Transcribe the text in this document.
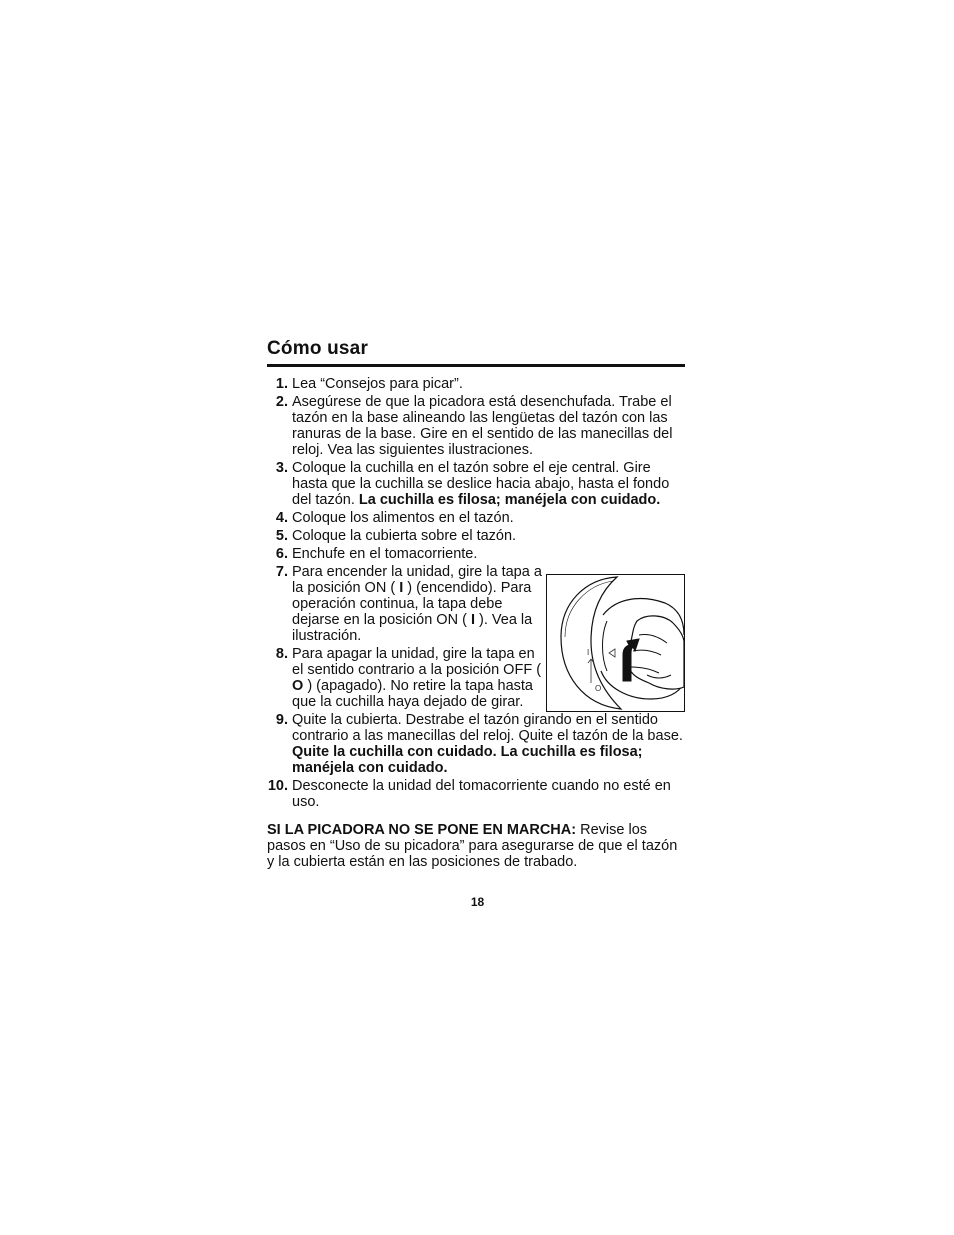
Cómo usar
1. Lea “Consejos para picar”.
2. Asegúrese de que la picadora está desenchufada. Trabe el tazón en la base alineando las lengüetas del tazón con las ranuras de la base. Gire en el sentido de las manecillas del reloj. Vea las siguientes ilustraciones.
3. Coloque la cuchilla en el tazón sobre el eje central. Gire hasta que la cuchilla se deslice hacia abajo, hasta el fondo del tazón. La cuchilla es filosa; manéjela con cuidado.
4. Coloque los alimentos en el tazón.
5. Coloque la cubierta sobre el tazón.
6. Enchufe en el tomacorriente.
7. Para encender la unidad, gire la tapa a la posición ON ( I ) (encendido). Para operación continua, la tapa debe dejarse en la posición ON ( I ). Vea la ilustración.
8. Para apagar la unidad, gire la tapa en el sentido contrario a la posición OFF ( O ) (apagado). No retire la tapa hasta que la cuchilla haya dejado de girar.
9. Quite la cubierta. Destrabe el tazón girando en el sentido contrario a las manecillas del reloj. Quite el tazón de la base. Quite la cuchilla con cuidado. La cuchilla es filosa; manéjela con cuidado.
10. Desconecte la unidad del tomacorriente cuando no esté en uso.
I
O

SI LA PICADORA NO SE PONE EN MARCHA: Revise los pasos en “Uso de su picadora” para asegurarse de que el tazón y la cubierta están en las posiciones de trabado.

18
